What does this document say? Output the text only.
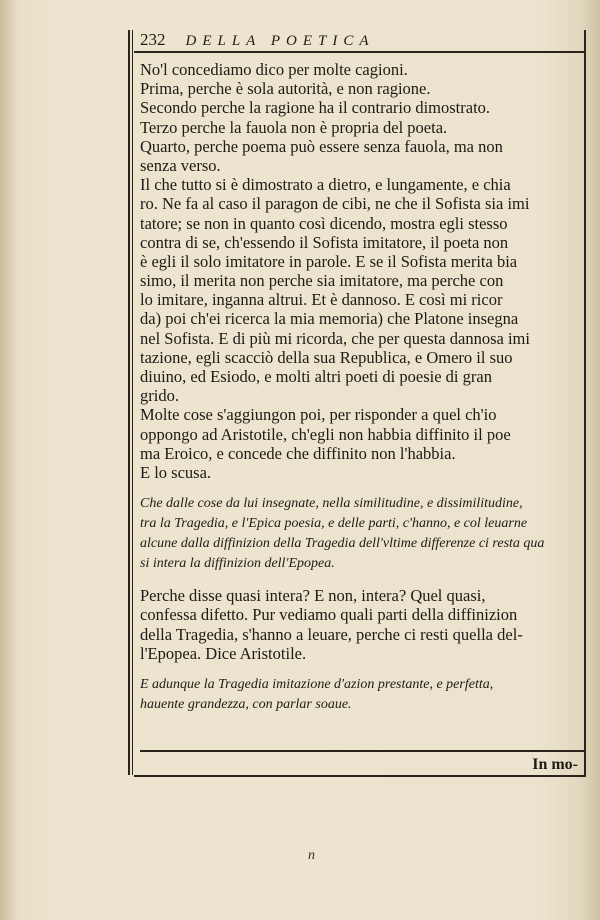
232 DELLA POETICA
No'l concediamo dico per molte cagioni.
Prima, perche è sola autorità, e non ragione.
Secondo perche la ragione ha il contrario dimostrato.
Terzo perche la fauola non è propria del poeta.
Quarto, perche poema può essere senza fauola, ma non
senza verso.
Il che tutto si è dimostrato a dietro, e lungamente, e chia
ro. Ne fa al caso il paragon de cibi, ne che il Sofista sia imi
tatore; se non in quanto così dicendo, mostra egli stesso
contra di se, ch'essendo il Sofista imitatore, il poeta non
è egli il solo imitatore in parole. E se il Sofista merita bia
simo, il merita non perche sia imitatore, ma perche con
lo imitare, inganna altrui. Et è dannoso. E così mi ricor
da) poi ch'ei ricerca la mia memoria) che Platone insegna
nel Sofista. E di più mi ricorda, che per questa dannosa imi
tazione, egli scacciò della sua Republica, e Omero il suo
diuino, ed Esiodo, e molti altri poeti di poesie di gran
grido.
Molte cose s'aggiungon poi, per risponder a quel ch'io
oppongo ad Aristotile, ch'egli non habbia diffinito il poe
ma Eroico, e concede che diffinito non l'habbia.
E lo scusa.
Che dalle cose da lui insegnate, nella similitudine, e dissimilitudine,
tra la Tragedia, e l'Epica poesia, e delle parti, c'hanno, e col leuarne
alcune dalla diffinizion della Tragedia dell'vltime differenze ci resta qua
si intera la diffinizion dell'Epopea.
Perche disse quasi intera? E non, intera? Quel quasi,
confessa difetto. Pur vediamo quali parti della diffinizion
della Tragedia, s'hanno a leuare, perche ci resti quella del-
l'Epopea. Dice Aristotile.
E adunque la Tragedia imitazione d'azion prestante, e perfetta,
hauente grandezza, con parlar soaue.
In mo-
n
